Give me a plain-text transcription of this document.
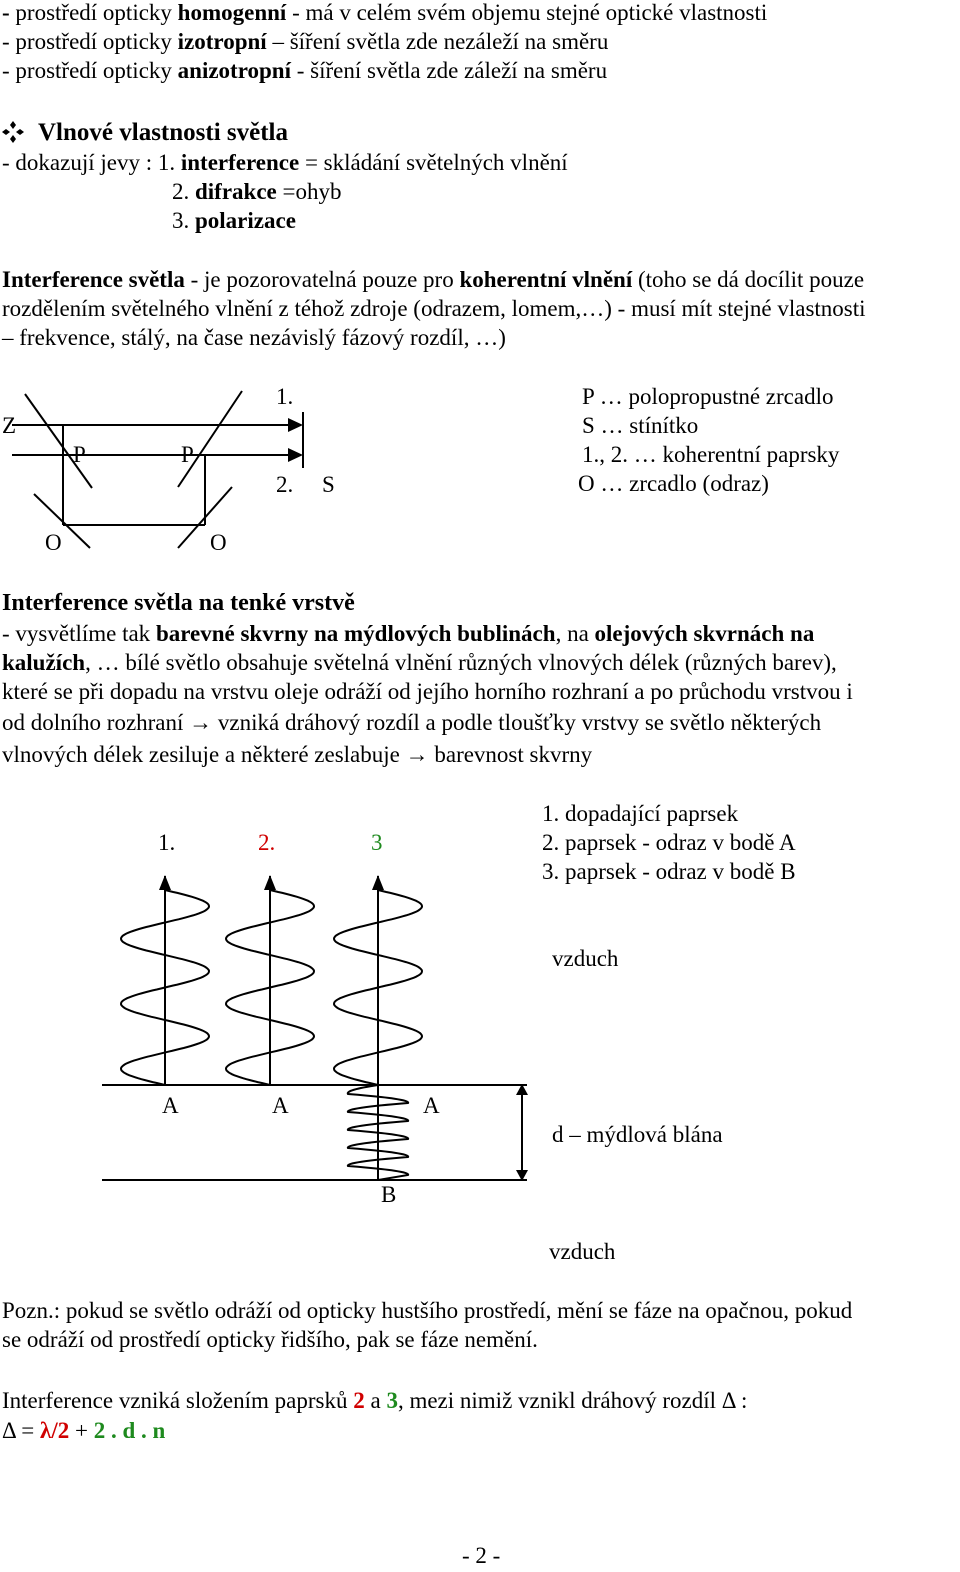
- prostředí opticky homogenní - má v celém svém objemu stejné optické vlastnosti
- prostředí opticky izotropní – šíření světla zde nezáleží na směru
- prostředí opticky anizotropní - šíření světla zde záleží na směru
Vlnové vlastnosti světla
- dokazují jevy : 1. interference = skládání světelných vlnění
2. difrakce =ohyb
3. polarizace
Interference světla - je pozorovatelná pouze pro koherentní vlnění (toho se dá docílit pouze
rozdělením světelného vlnění z téhož zdroje (odrazem, lomem,…) - musí mít stejné vlastnosti
– frekvence, stálý, na čase nezávislý fázový rozdíl, …)
Z
P	P
O	O
1.
2. S
P … polopropustné zrcadlo
S … stínítko
1., 2. … koherentní paprsky
O … zrcadlo (odraz)
Interference světla na tenké vrstvě
- vysvětlíme tak barevné skvrny na mýdlových bublinách, na olejových skvrnách na
kalužích, … bílé světlo obsahuje světelná vlnění různých vlnových délek (různých barev),
které se při dopadu na vrstvu oleje odráží od jejího horního rozhraní a po průchodu vrstvou i
od dolního rozhraní → vzniká dráhový rozdíl a podle tloušťky vrstvy se světlo některých
vlnových délek zesiluje a některé zeslabuje → barevnost skvrny
1.	2.	3
1. dopadající paprsek
2. paprsek - odraz v bodě A
3. paprsek - odraz v bodě B
vzduch
A	A	A
d – mýdlová blána
B
vzduch
Pozn.: pokud se světlo odráží od opticky hustšího prostředí, mění se fáze na opačnou, pokud
se odráží od prostředí opticky řidšího, pak se fáze nemění.
Interference vzniká složením paprsků 2 a 3, mezi nimiž vznikl dráhový rozdíl Δ :
Δ = λ/2 + 2 . d . n
- 2 -
